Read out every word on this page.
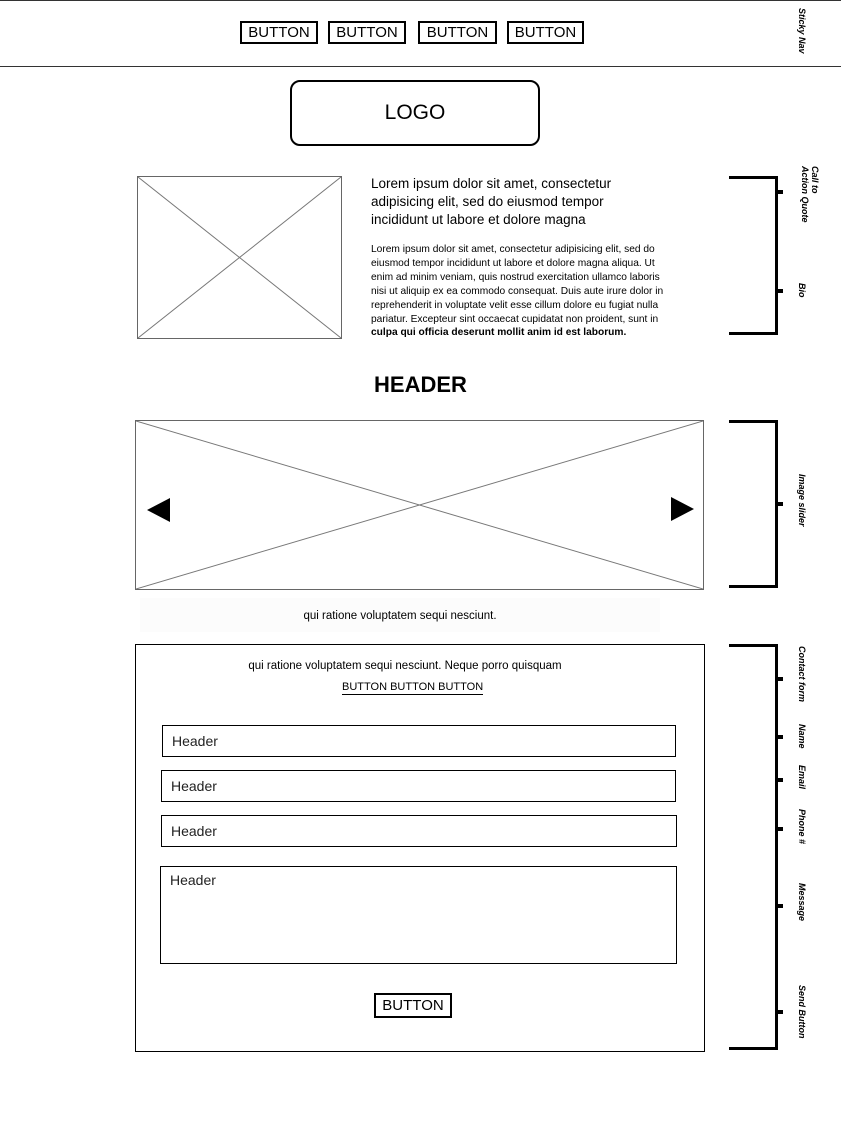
BUTTON	BUTTON	BUTTON	BUTTON	Sticky Nav
LOGO
Lorem ipsum dolor sit amet, consectetur adipisicing elit, sed do eiusmod tempor incididunt ut labore et dolore magna
Lorem ipsum dolor sit amet, consectetur adipisicing elit, sed do eiusmod tempor incididunt ut labore et dolore magna aliqua. Ut enim ad minim veniam, quis nostrud exercitation ullamco laboris nisi ut aliquip ex ea commodo consequat. Duis aute irure dolor in reprehenderit in voluptate velit esse cillum dolore eu fugiat nulla pariatur. Excepteur sint occaecat cupidatat non proident, sunt in culpa qui officia deserunt mollit anim id est laborum.
Call to
Action Quote
Bio
HEADER
qui ratione voluptatem sequi nesciunt.
Image slider
qui ratione voluptatem sequi nesciunt. Neque porro quisquam
BUTTON BUTTON BUTTON
Header
Header
Header
Header
BUTTON
Contact form
Name
Email
Phone #
Message
Send Button
